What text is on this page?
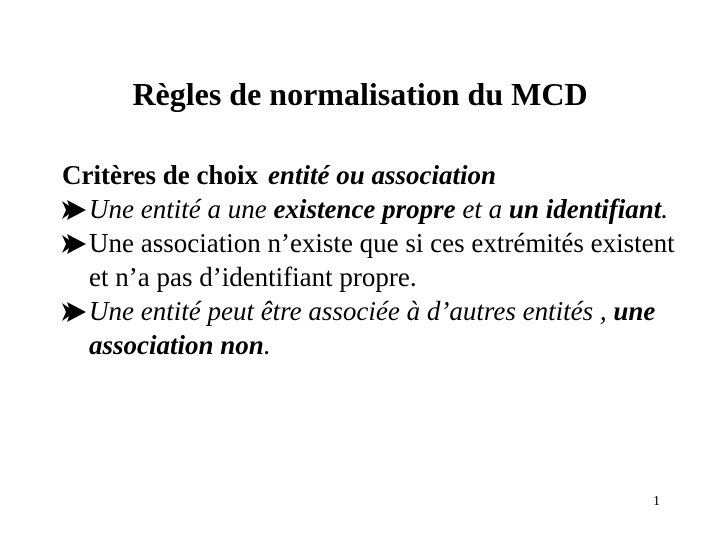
Règles de normalisation du MCD

Critères de choix entité ou association

Une entité a une existence propre et a un identifiant.

Une association n’existe que si ces extrémités existent et n’a pas d’identifiant propre.

Une entité peut être associée à d’autres entités , une association non.

1
